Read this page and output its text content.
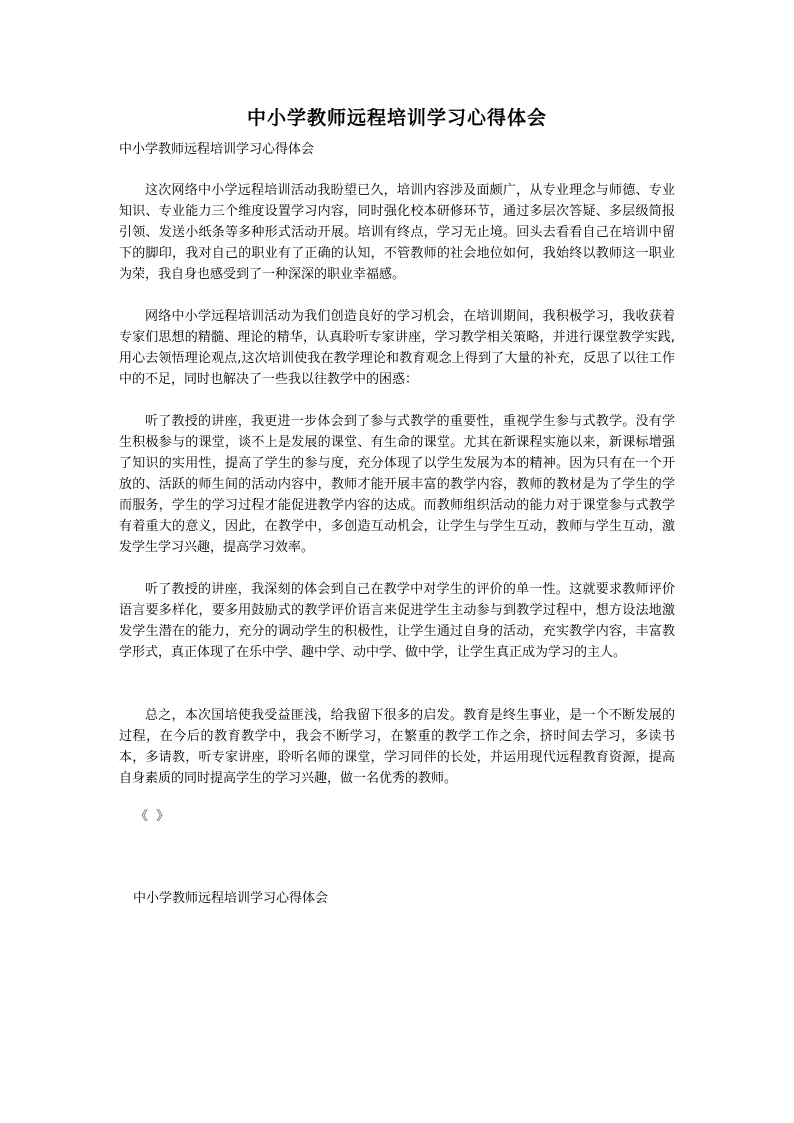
中小学教师远程培训学习心得体会
中小学教师远程培训学习心得体会

这次网络中小学远程培训活动我盼望已久，培训内容涉及面颇广，从专业理念与师德、专业知识、专业能力三个维度设置学习内容，同时强化校本研修环节，通过多层次答疑、多层级简报引领、发送小纸条等多种形式活动开展。培训有终点，学习无止境。回头去看看自己在培训中留下的脚印，我对自己的职业有了正确的认知，不管教师的社会地位如何，我始终以教师这一职业为荣，我自身也感受到了一种深深的职业幸福感。

网络中小学远程培训活动为我们创造良好的学习机会，在培训期间，我积极学习，我收获着专家们思想的精髓、理论的精华，认真聆听专家讲座，学习教学相关策略，并进行课堂教学实践,用心去领悟理论观点,这次培训使我在教学理论和教育观念上得到了大量的补充，反思了以往工作中的不足，同时也解决了一些我以往教学中的困惑：

听了教授的讲座，我更进一步体会到了参与式教学的重要性，重视学生参与式教学。没有学生积极参与的课堂，谈不上是发展的课堂、有生命的课堂。尤其在新课程实施以来，新课标增强了知识的实用性，提高了学生的参与度，充分体现了以学生发展为本的精神。因为只有在一个开放的、活跃的师生间的活动内容中，教师才能开展丰富的教学内容，教师的教材是为了学生的学而服务，学生的学习过程才能促进教学内容的达成。而教师组织活动的能力对于课堂参与式教学有着重大的意义，因此，在教学中，多创造互动机会，让学生与学生互动，教师与学生互动，激发学生学习兴趣，提高学习效率。

听了教授的讲座，我深刻的体会到自己在教学中对学生的评价的单一性。这就要求教师评价语言要多样化，要多用鼓励式的教学评价语言来促进学生主动参与到教学过程中，想方设法地激发学生潜在的能力，充分的调动学生的积极性，让学生通过自身的活动，充实教学内容，丰富教学形式，真正体现了在乐中学、趣中学、动中学、做中学，让学生真正成为学习的主人。

总之，本次国培使我受益匪浅，给我留下很多的启发。教育是终生事业，是一个不断发展的过程，在今后的教育教学中，我会不断学习，在繁重的教学工作之余，挤时间去学习，多读书本，多请教，听专家讲座，聆听名师的课堂，学习同伴的长处，并运用现代远程教育资源，提高自身素质的同时提高学生的学习兴趣，做一名优秀的教师。

《 》
中小学教师远程培训学习心得体会
